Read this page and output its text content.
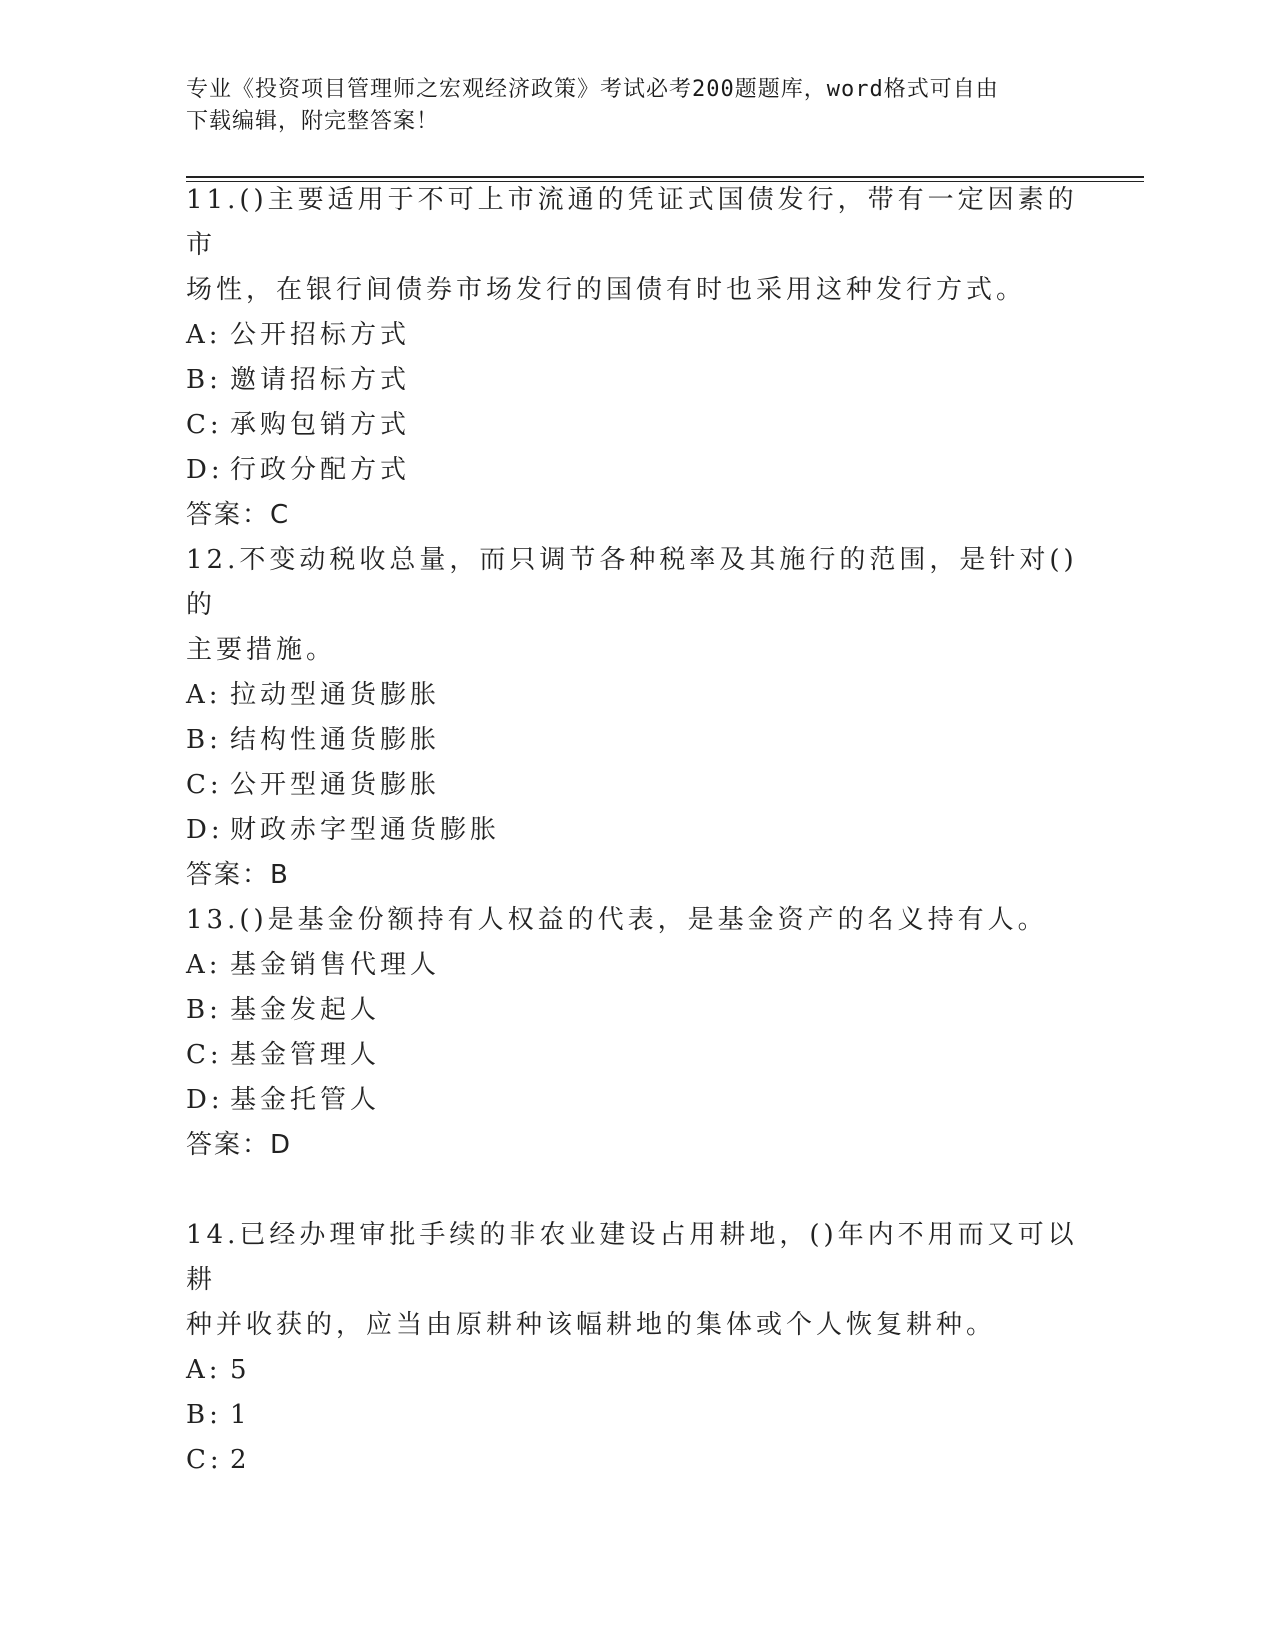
专业《投资项目管理师之宏观经济政策》考试必考200题题库，word格式可自由
下载编辑，附完整答案！

11.()主要适用于不可上市流通的凭证式国债发行，带有一定因素的市

场性，在银行间债券市场发行的国债有时也采用这种发行方式。

A: 公开招标方式

B: 邀请招标方式

C: 承购包销方式

D: 行政分配方式

答案：C

12.不变动税收总量，而只调节各种税率及其施行的范围，是针对()的

主要措施。

A: 拉动型通货膨胀

B: 结构性通货膨胀

C: 公开型通货膨胀

D: 财政赤字型通货膨胀

答案：B

13.()是基金份额持有人权益的代表，是基金资产的名义持有人。

A: 基金销售代理人

B: 基金发起人

C: 基金管理人

D: 基金托管人

答案：D

14.已经办理审批手续的非农业建设占用耕地，()年内不用而又可以耕

种并收获的，应当由原耕种该幅耕地的集体或个人恢复耕种。

A: 5

B: 1

C: 2
